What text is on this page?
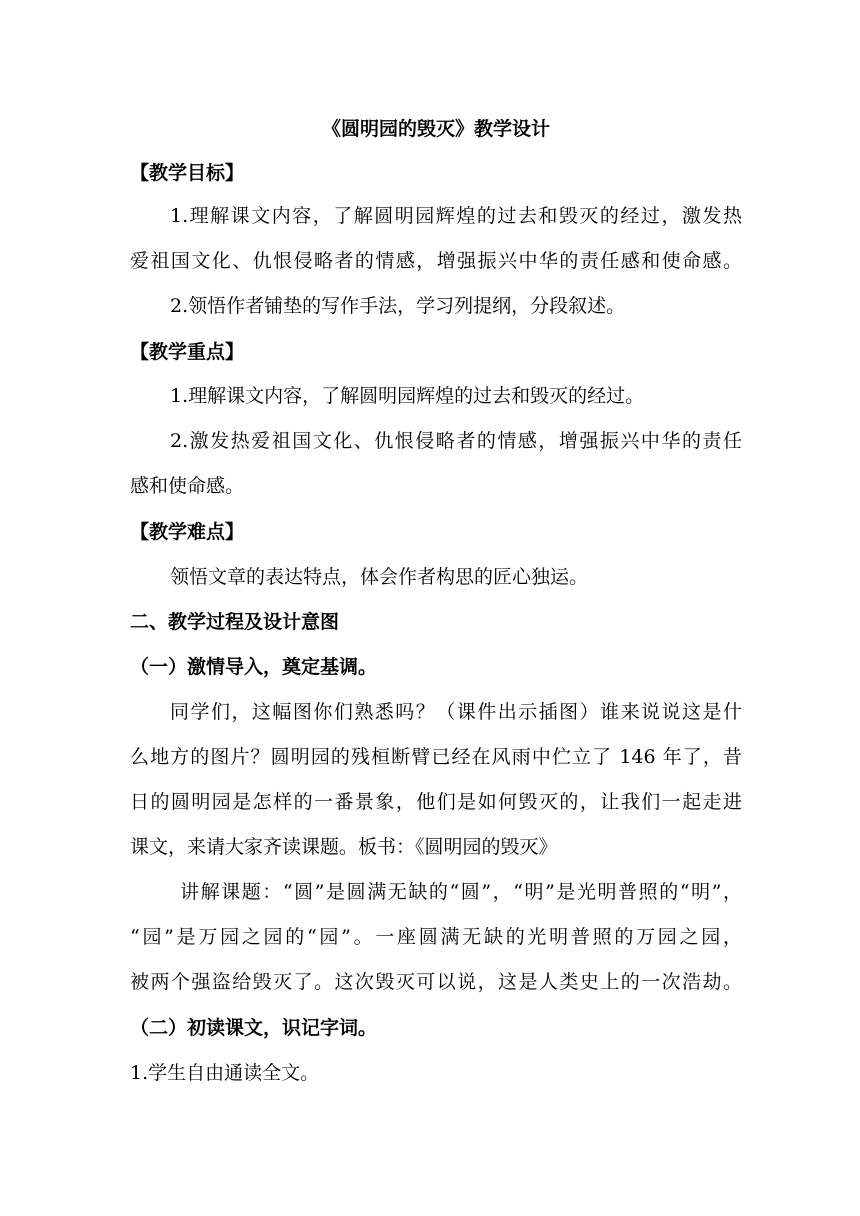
《圆明园的毁灭》教学设计
【教学目标】
1.理解课文内容，了解圆明园辉煌的过去和毁灭的经过，激发热
爱祖国文化、仇恨侵略者的情感，增强振兴中华的责任感和使命感。
2.领悟作者铺垫的写作手法，学习列提纲，分段叙述。
【教学重点】
1.理解课文内容，了解圆明园辉煌的过去和毁灭的经过。
2.激发热爱祖国文化、仇恨侵略者的情感，增强振兴中华的责任
感和使命感。
【教学难点】
领悟文章的表达特点，体会作者构思的匠心独运。
二、教学过程及设计意图
（一）激情导入，奠定基调。
同学们，这幅图你们熟悉吗？（课件出示插图）谁来说说这是什
么地方的图片？圆明园的残桓断臂已经在风雨中伫立了 146 年了，昔
日的圆明园是怎样的一番景象，他们是如何毁灭的，让我们一起走进
课文，来请大家齐读课题。板书：《圆明园的毁灭》
讲解课题：“圆”是圆满无缺的“圆”，“明”是光明普照的“明”，
“园”是万园之园的“园”。一座圆满无缺的光明普照的万园之园，
被两个强盗给毁灭了。这次毁灭可以说，这是人类史上的一次浩劫。
（二）初读课文，识记字词。
1.学生自由通读全文。
